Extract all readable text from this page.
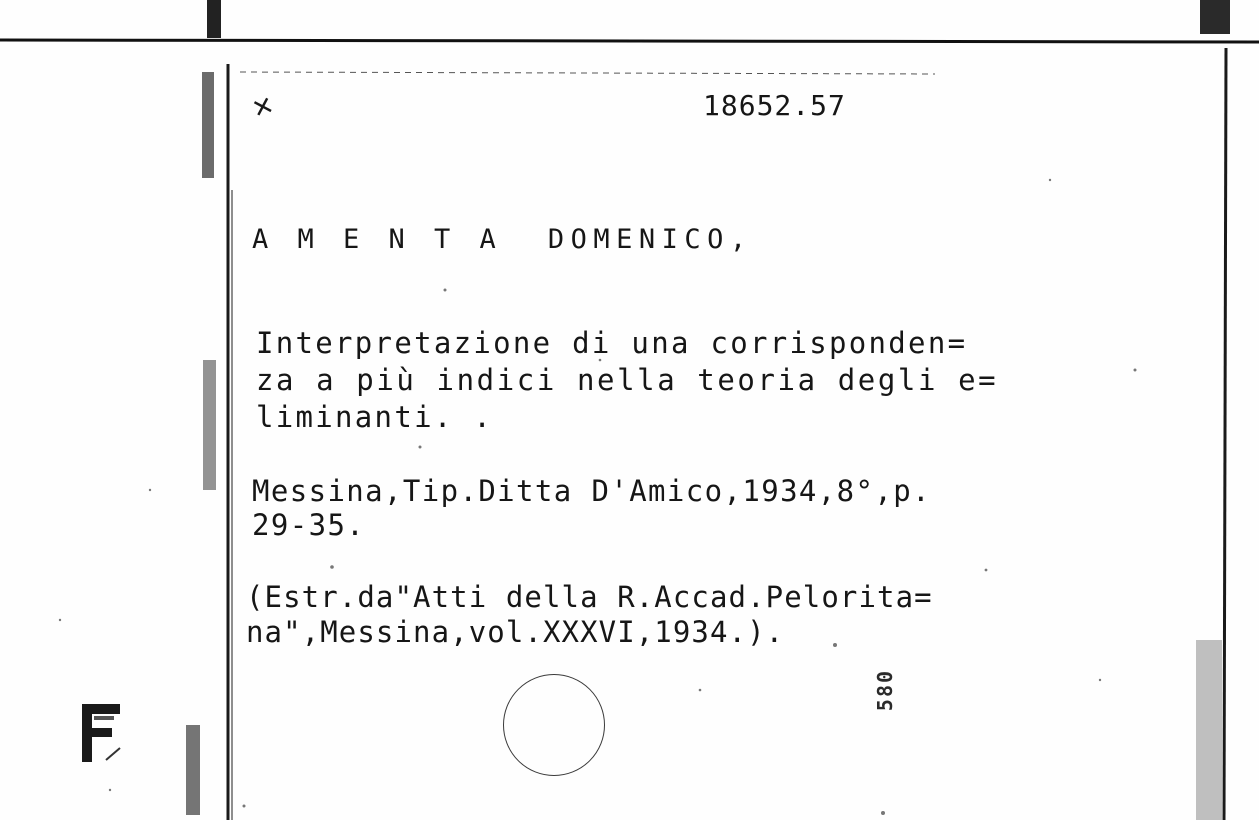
+	18652.57
A M E N T A  DOMENICO,
Interpretazione di una corrisponden=
za a più indici nella teoria degli e=
liminanti. .
Messina,Tip.Ditta D'Amico,1934,8°,p.
29-35.
(Estr.da"Atti della R.Accad.Pelorita=
na",Messina,vol.XXXVI,1934.).
580
